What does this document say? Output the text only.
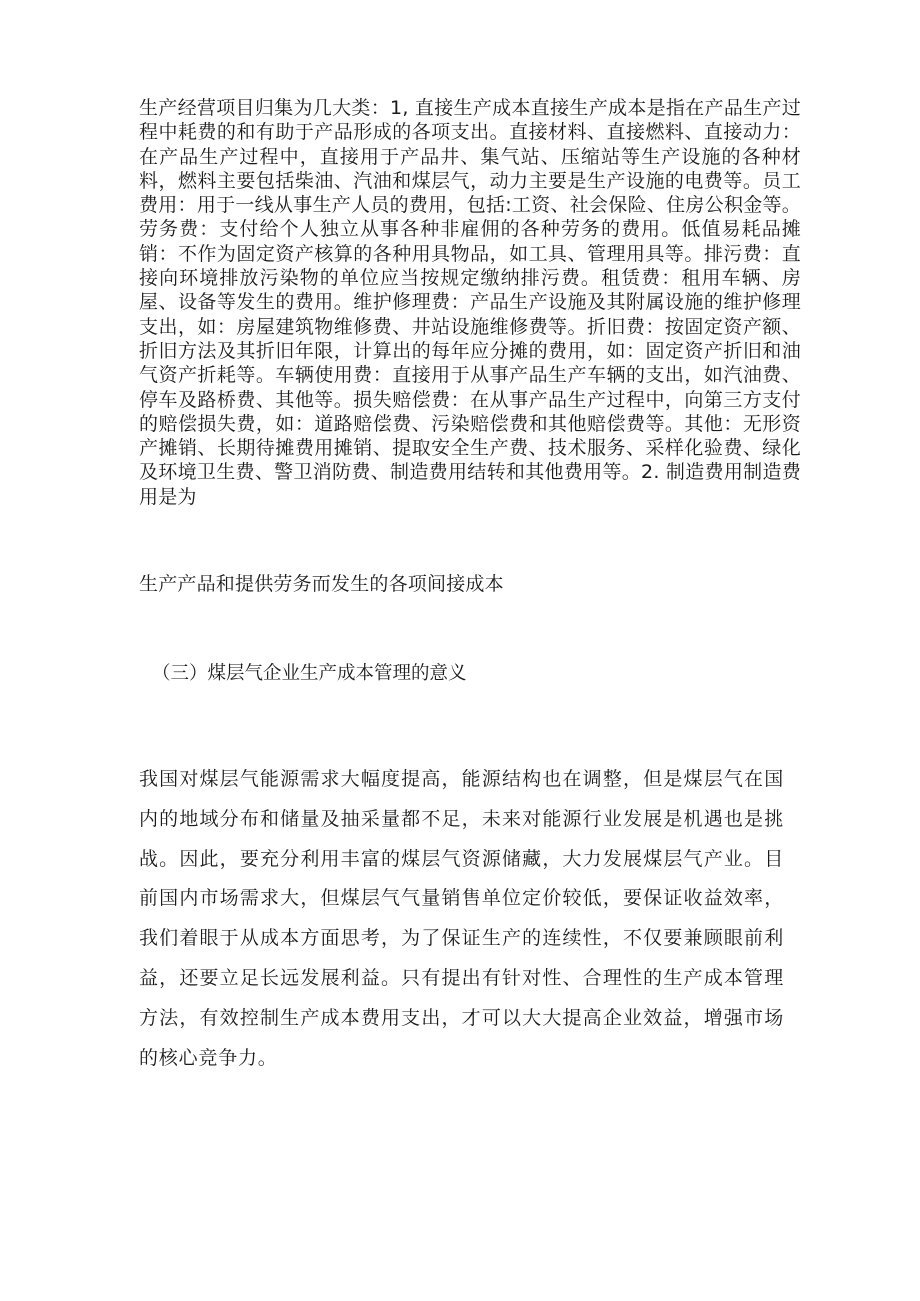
生产经营项目归集为几大类：1, 直接生产成本直接生产成本是指在产品生产过程中耗费的和有助于产品形成的各项支出。直接材料、直接燃料、直接动力：在产品生产过程中，直接用于产品井、集气站、压缩站等生产设施的各种材料，燃料主要包括柴油、汽油和煤层气，动力主要是生产设施的电费等。员工费用：用于一线从事生产人员的费用，包括:工资、社会保险、住房公积金等。劳务费：支付给个人独立从事各种非雇佣的各种劳务的费用。低值易耗品摊销：不作为固定资产核算的各种用具物品，如工具、管理用具等。排污费：直接向环境排放污染物的单位应当按规定缴纳排污费。租赁费：租用车辆、房屋、设备等发生的费用。维护修理费：产品生产设施及其附属设施的维护修理支出，如：房屋建筑物维修费、井站设施维修费等。折旧费：按固定资产额、折旧方法及其折旧年限，计算出的每年应分摊的费用，如：固定资产折旧和油气资产折耗等。车辆使用费：直接用于从事产品生产车辆的支出，如汽油费、停车及路桥费、其他等。损失赔偿费：在从事产品生产过程中，向第三方支付的赔偿损失费，如：道路赔偿费、污染赔偿费和其他赔偿费等。其他：无形资产摊销、长期待摊费用摊销、提取安全生产费、技术服务、采样化验费、绿化及环境卫生费、警卫消防费、制造费用结转和其他费用等。2. 制造费用制造费用是为

生产产品和提供劳务而发生的各项间接成本

（三）煤层气企业生产成本管理的意义

我国对煤层气能源需求大幅度提高，能源结构也在调整，但是煤层气在国内的地域分布和储量及抽采量都不足，未来对能源行业发展是机遇也是挑战。因此，要充分利用丰富的煤层气资源储藏，大力发展煤层气产业。目前国内市场需求大，但煤层气气量销售单位定价较低，要保证收益效率，我们着眼于从成本方面思考，为了保证生产的连续性，不仅要兼顾眼前利益，还要立足长远发展利益。只有提出有针对性、合理性的生产成本管理方法，有效控制生产成本费用支出，才可以大大提高企业效益，增强市场的核心竞争力。
